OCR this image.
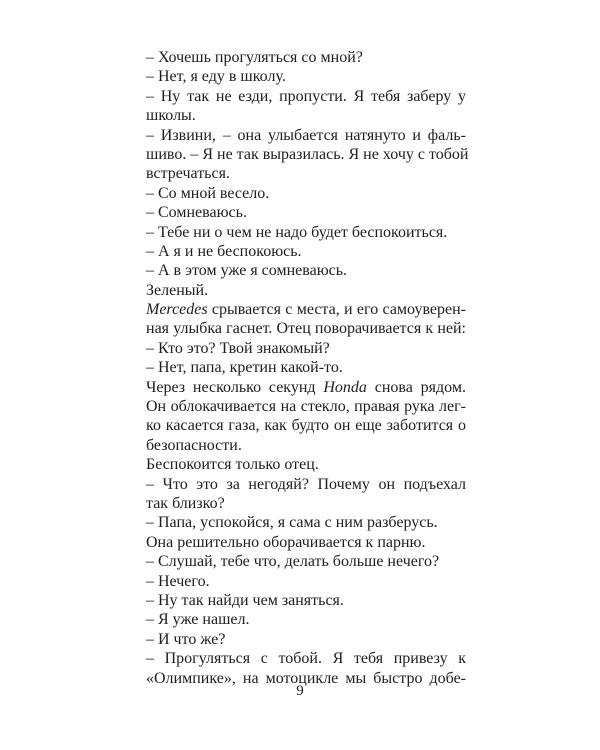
– Хочешь прогуляться со мной?
– Нет, я еду в школу.
– Ну так не езди, пропусти. Я тебя заберу у
школы.
– Извини, – она улыбается натянуто и фаль-
шиво. – Я не так выразилась. Я не хочу с тобой
встречаться.
– Со мной весело.
– Сомневаюсь.
– Тебе ни о чем не надо будет беспокоиться.
– А я и не беспокоюсь.
– А в этом уже я сомневаюсь.
Зеленый.
Mercedes срывается с места, и его самоуверен-
ная улыбка гаснет. Отец поворачивается к ней:
– Кто это? Твой знакомый?
– Нет, папа, кретин какой-то.
Через несколько секунд Honda снова рядом.
Он облокачивается на стекло, правая рука лег-
ко касается газа, как будто он еще заботится о
безопасности.
Беспокоится только отец.
– Что это за негодяй? Почему он подъехал
так близко?
– Папа, успокойся, я сама с ним разберусь.
Она решительно оборачивается к парню.
– Слушай, тебе что, делать больше нечего?
– Нечего.
– Ну так найди чем заняться.
– Я уже нашел.
– И что же?
– Прогуляться с тобой. Я тебя привезу к
«Олимпике», на мотоцикле мы быстро добе-
9
